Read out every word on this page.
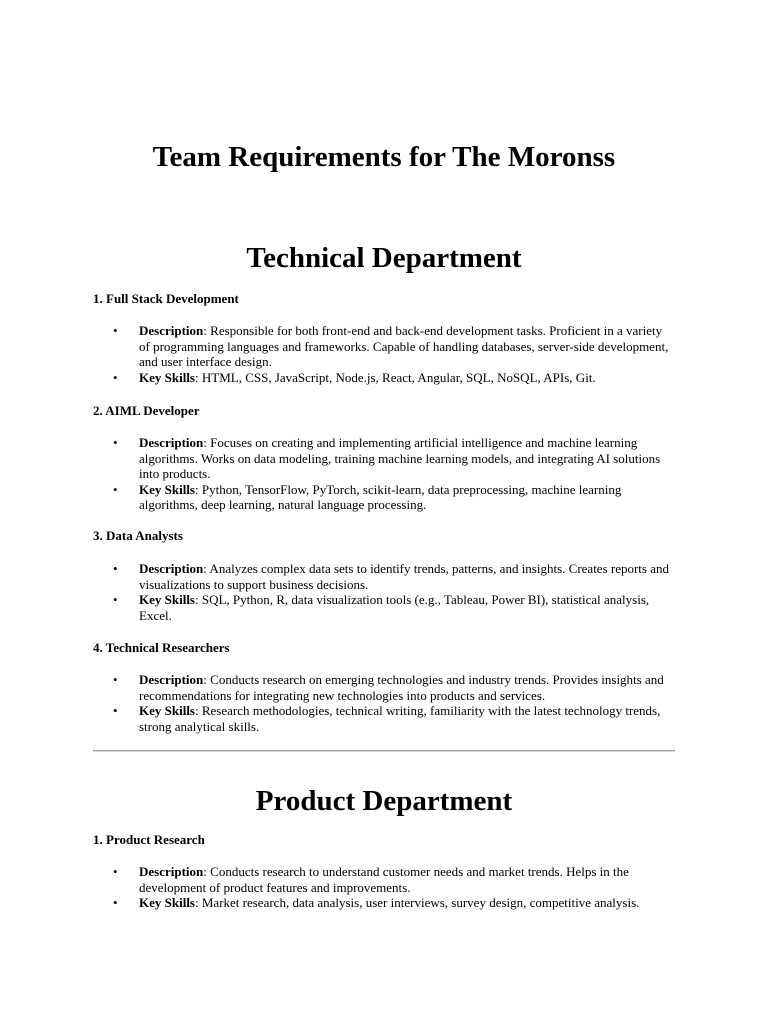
Team Requirements for The Moronss
Technical Department
1. Full Stack Development
• Description: Responsible for both front-end and back-end development tasks. Proficient in a variety of programming languages and frameworks. Capable of handling databases, server-side development, and user interface design.
• Key Skills: HTML, CSS, JavaScript, Node.js, React, Angular, SQL, NoSQL, APIs, Git.
2. AIML Developer
• Description: Focuses on creating and implementing artificial intelligence and machine learning algorithms. Works on data modeling, training machine learning models, and integrating AI solutions into products.
• Key Skills: Python, TensorFlow, PyTorch, scikit-learn, data preprocessing, machine learning algorithms, deep learning, natural language processing.
3. Data Analysts
• Description: Analyzes complex data sets to identify trends, patterns, and insights. Creates reports and visualizations to support business decisions.
• Key Skills: SQL, Python, R, data visualization tools (e.g., Tableau, Power BI), statistical analysis, Excel.
4. Technical Researchers
• Description: Conducts research on emerging technologies and industry trends. Provides insights and recommendations for integrating new technologies into products and services.
• Key Skills: Research methodologies, technical writing, familiarity with the latest technology trends, strong analytical skills.
Product Department
1. Product Research
• Description: Conducts research to understand customer needs and market trends. Helps in the development of product features and improvements.
• Key Skills: Market research, data analysis, user interviews, survey design, competitive analysis.
